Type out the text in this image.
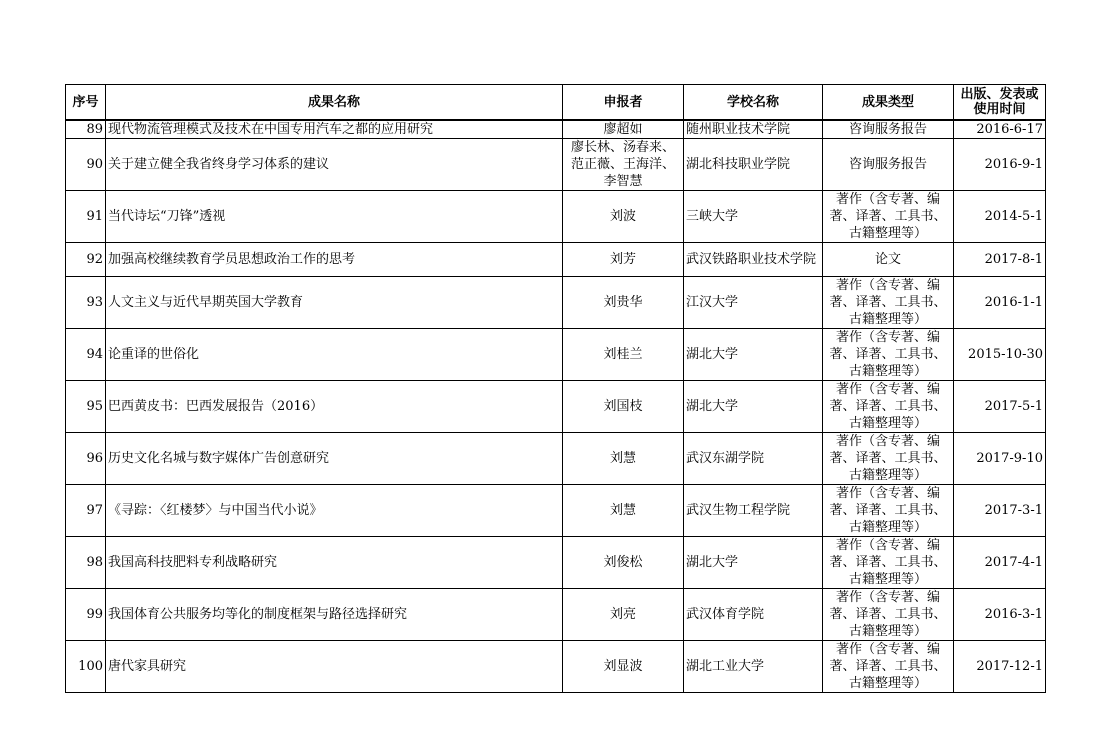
序号	成果名称	申报者	学校名称	成果类型	出版、发表或使用时间
89	现代物流管理模式及技术在中国专用汽车之都的应用研究	廖超如	随州职业技术学院	咨询服务报告	2016-6-17
90	关于建立健全我省终身学习体系的建议	廖长林、汤春来、范正薇、王海洋、李智慧	湖北科技职业学院	咨询服务报告	2016-9-1
91	当代诗坛“刀锋”透视	刘波	三峡大学	著作（含专著、编著、译著、工具书、古籍整理等）	2014-5-1
92	加强高校继续教育学员思想政治工作的思考	刘芳	武汉铁路职业技术学院	论文	2017-8-1
93	人文主义与近代早期英国大学教育	刘贵华	江汉大学	著作（含专著、编著、译著、工具书、古籍整理等）	2016-1-1
94	论重译的世俗化	刘桂兰	湖北大学	著作（含专著、编著、译著、工具书、古籍整理等）	2015-10-30
95	巴西黄皮书：巴西发展报告（2016）	刘国枝	湖北大学	著作（含专著、编著、译著、工具书、古籍整理等）	2017-5-1
96	历史文化名城与数字媒体广告创意研究	刘慧	武汉东湖学院	著作（含专著、编著、译著、工具书、古籍整理等）	2017-9-10
97	《寻踪：〈红楼梦〉与中国当代小说》	刘慧	武汉生物工程学院	著作（含专著、编著、译著、工具书、古籍整理等）	2017-3-1
98	我国高科技肥料专利战略研究	刘俊松	湖北大学	著作（含专著、编著、译著、工具书、古籍整理等）	2017-4-1
99	我国体育公共服务均等化的制度框架与路径选择研究	刘亮	武汉体育学院	著作（含专著、编著、译著、工具书、古籍整理等）	2016-3-1
100	唐代家具研究	刘显波	湖北工业大学	著作（含专著、编著、译著、工具书、古籍整理等）	2017-12-1
